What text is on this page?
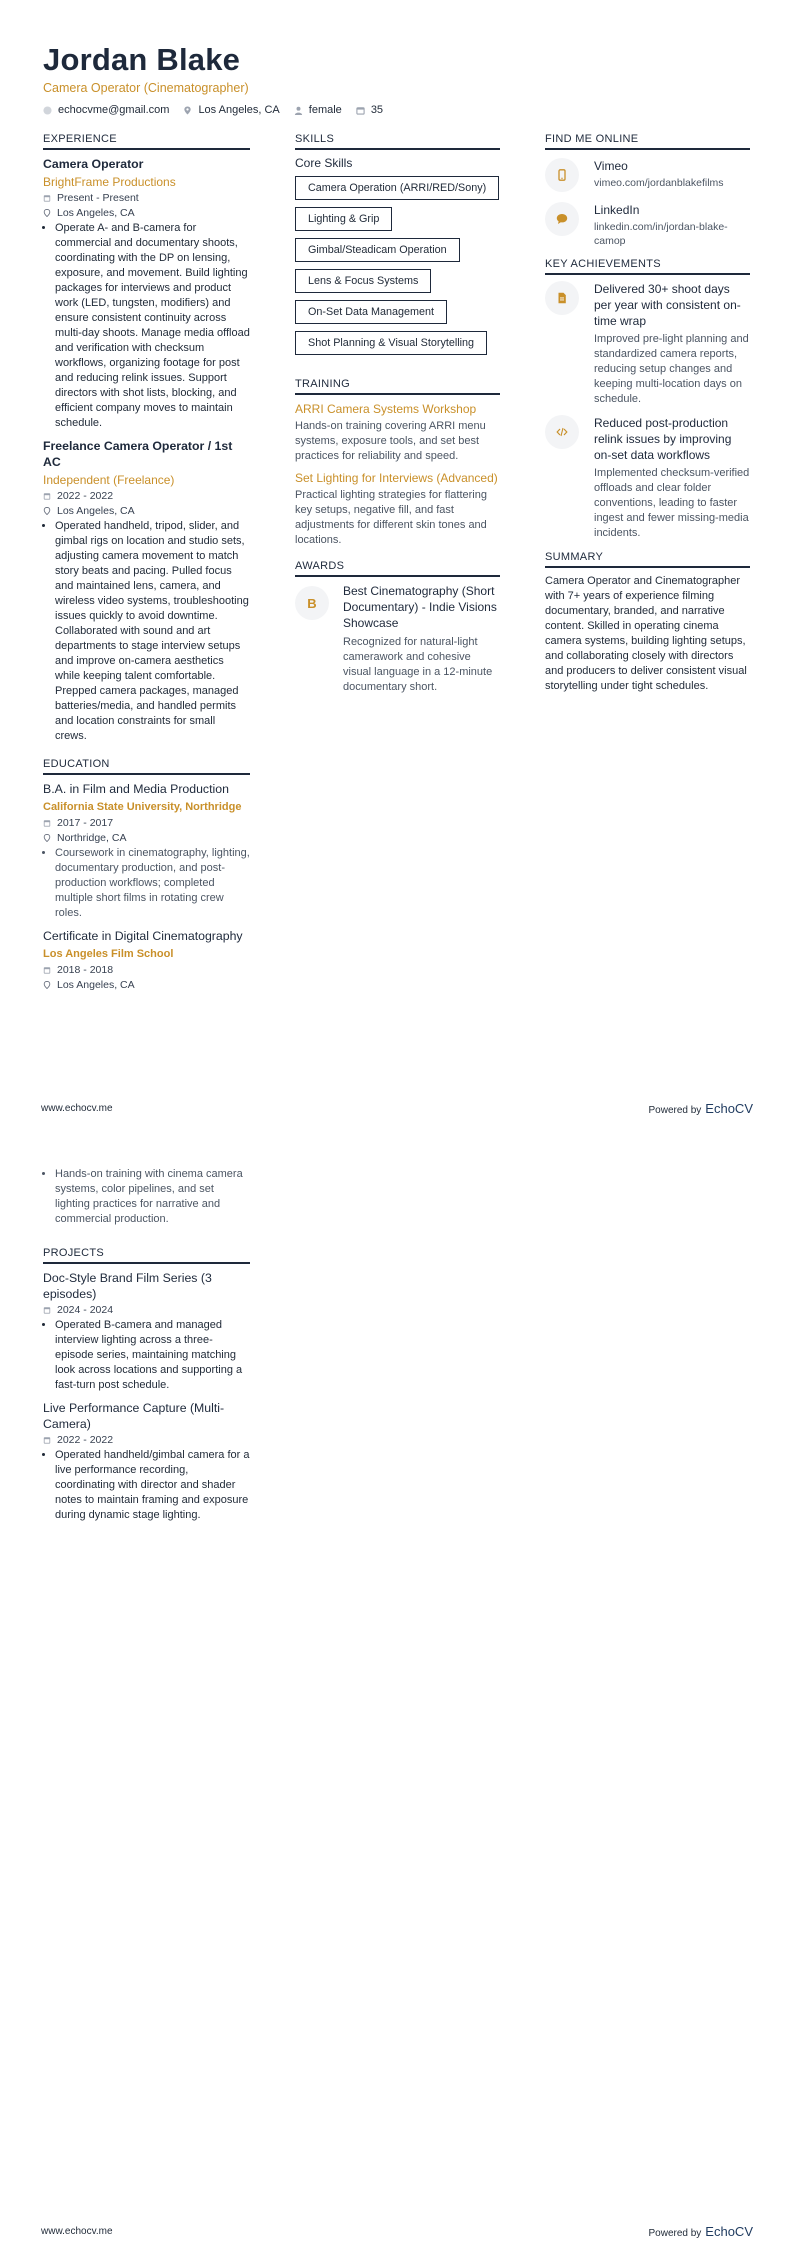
Jordan Blake
Camera Operator (Cinematographer)
echocvme@gmail.com	Los Angeles, CA	female	35
EXPERIENCE
Camera Operator
BrightFrame Productions
Present - Present
Los Angeles, CA
• Operate A- and B-camera for commercial and documentary shoots, coordinating with the DP on lensing, exposure, and movement. Build lighting packages for interviews and product work (LED, tungsten, modifiers) and ensure consistent continuity across multi-day shoots. Manage media offload and verification with checksum workflows, organizing footage for post and reducing relink issues. Support directors with shot lists, blocking, and efficient company moves to maintain schedule.
Freelance Camera Operator / 1st AC
Independent (Freelance)
2022 - 2022
Los Angeles, CA
• Operated handheld, tripod, slider, and gimbal rigs on location and studio sets, adjusting camera movement to match story beats and pacing. Pulled focus and maintained lens, camera, and wireless video systems, troubleshooting issues quickly to avoid downtime. Collaborated with sound and art departments to stage interview setups and improve on-camera aesthetics while keeping talent comfortable. Prepped camera packages, managed batteries/media, and handled permits and location constraints for small crews.
EDUCATION
B.A. in Film and Media Production
California State University, Northridge
2017 - 2017
Northridge, CA
• Coursework in cinematography, lighting, documentary production, and post-production workflows; completed multiple short films in rotating crew roles.
Certificate in Digital Cinematography
Los Angeles Film School
2018 - 2018
Los Angeles, CA
SKILLS
Core Skills
Camera Operation (ARRI/RED/Sony)
Lighting & Grip
Gimbal/Steadicam Operation
Lens & Focus Systems
On-Set Data Management
Shot Planning & Visual Storytelling
TRAINING
ARRI Camera Systems Workshop
Hands-on training covering ARRI menu systems, exposure tools, and set best practices for reliability and speed.
Set Lighting for Interviews (Advanced)
Practical lighting strategies for flattering key setups, negative fill, and fast adjustments for different skin tones and locations.
AWARDS
B
Best Cinematography (Short Documentary) - Indie Visions Showcase
Recognized for natural-light camerawork and cohesive visual language in a 12-minute documentary short.
FIND ME ONLINE
Vimeo
vimeo.com/jordanblakefilms
LinkedIn
linkedin.com/in/jordan-blake-camop
KEY ACHIEVEMENTS
Delivered 30+ shoot days per year with consistent on-time wrap
Improved pre-light planning and standardized camera reports, reducing setup changes and keeping multi-location days on schedule.
Reduced post-production relink issues by improving on-set data workflows
Implemented checksum-verified offloads and clear folder conventions, leading to faster ingest and fewer missing-media incidents.
SUMMARY
Camera Operator and Cinematographer with 7+ years of experience filming documentary, branded, and narrative content. Skilled in operating cinema camera systems, building lighting setups, and collaborating closely with directors and producers to deliver consistent visual storytelling under tight schedules.
www.echocv.me	Powered by EchoCV
• Hands-on training with cinema camera systems, color pipelines, and set lighting practices for narrative and commercial production.
PROJECTS
Doc-Style Brand Film Series (3 episodes)
2024 - 2024
• Operated B-camera and managed interview lighting across a three-episode series, maintaining matching look across locations and supporting a fast-turn post schedule.
Live Performance Capture (Multi-Camera)
2022 - 2022
• Operated handheld/gimbal camera for a live performance recording, coordinating with director and shader notes to maintain framing and exposure during dynamic stage lighting.
www.echocv.me	Powered by EchoCV
